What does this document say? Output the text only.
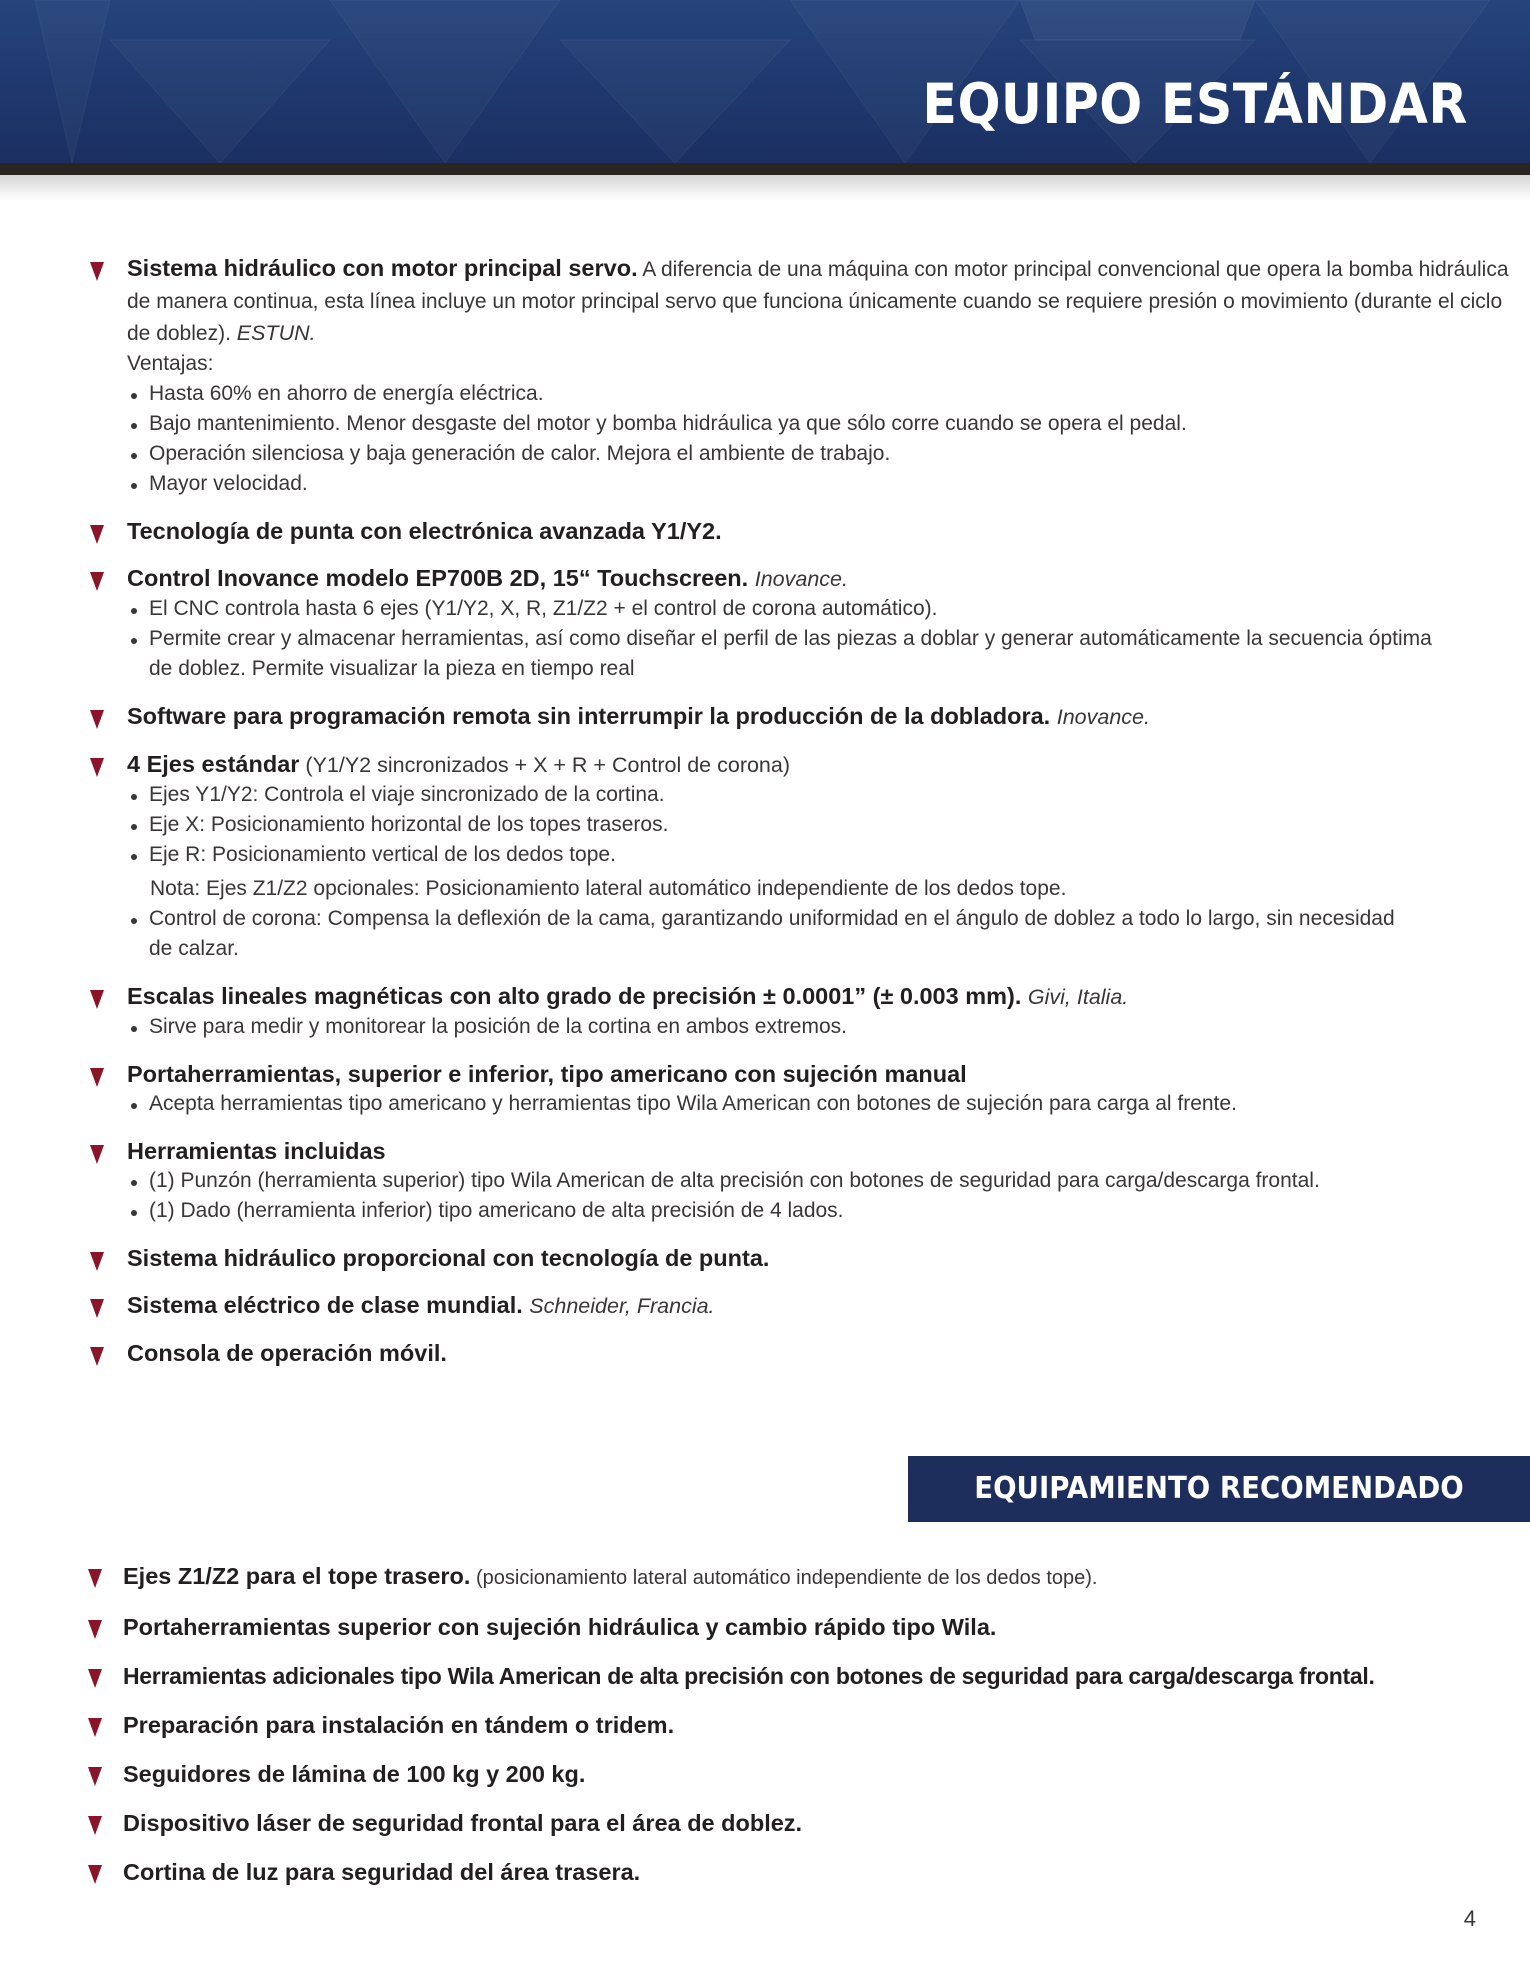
EQUIPO ESTÁNDAR
Sistema hidráulico con motor principal servo. A diferencia de una máquina con motor principal convencional que opera la bomba hidráulica de manera continua, esta línea incluye un motor principal servo que funciona únicamente cuando se requiere presión o movimiento (durante el ciclo de doblez). ESTUN.
Ventajas:
Hasta 60% en ahorro de energía eléctrica.
Bajo mantenimiento. Menor desgaste del motor y bomba hidráulica ya que sólo corre cuando se opera el pedal.
Operación silenciosa y baja generación de calor. Mejora el ambiente de trabajo.
Mayor velocidad.
Tecnología de punta con electrónica avanzada Y1/Y2.
Control Inovance modelo EP700B 2D, 15“ Touchscreen. Inovance.
El CNC controla hasta 6 ejes (Y1/Y2, X, R, Z1/Z2 + el control de corona automático).
Permite crear y almacenar herramientas, así como diseñar el perfil de las piezas a doblar y generar automáticamente la secuencia óptima de doblez. Permite visualizar la pieza en tiempo real
Software para programación remota sin interrumpir la producción de la dobladora. Inovance.
4 Ejes estándar (Y1/Y2 sincronizados + X + R + Control de corona)
Ejes Y1/Y2: Controla el viaje sincronizado de la cortina.
Eje X: Posicionamiento horizontal de los topes traseros.
Eje R: Posicionamiento vertical de los dedos tope.
Nota: Ejes Z1/Z2 opcionales: Posicionamiento lateral automático independiente de los dedos tope.
Control de corona: Compensa la deflexión de la cama, garantizando uniformidad en el ángulo de doblez a todo lo largo, sin necesidad de calzar.
Escalas lineales magnéticas con alto grado de precisión ± 0.0001” (± 0.003 mm). Givi, Italia.
Sirve para medir y monitorear la posición de la cortina en ambos extremos.
Portaherramientas, superior e inferior, tipo americano con sujeción manual
Acepta herramientas tipo americano y herramientas tipo Wila American con botones de sujeción para carga al frente.
Herramientas incluidas
(1) Punzón (herramienta superior) tipo Wila American de alta precisión con botones de seguridad para carga/descarga frontal.
(1) Dado (herramienta inferior) tipo americano de alta precisión de 4 lados.
Sistema hidráulico proporcional con tecnología de punta.
Sistema eléctrico de clase mundial. Schneider, Francia.
Consola de operación móvil.
EQUIPAMIENTO RECOMENDADO
Ejes Z1/Z2 para el tope trasero. (posicionamiento lateral automático independiente de los dedos tope).
Portaherramientas superior con sujeción hidráulica y cambio rápido tipo Wila.
Herramientas adicionales tipo Wila American de alta precisión con botones de seguridad para carga/descarga frontal.
Preparación para instalación en tándem o tridem.
Seguidores de lámina de 100 kg y 200 kg.
Dispositivo láser de seguridad frontal para el área de doblez.
Cortina de luz para seguridad del área trasera.
4
